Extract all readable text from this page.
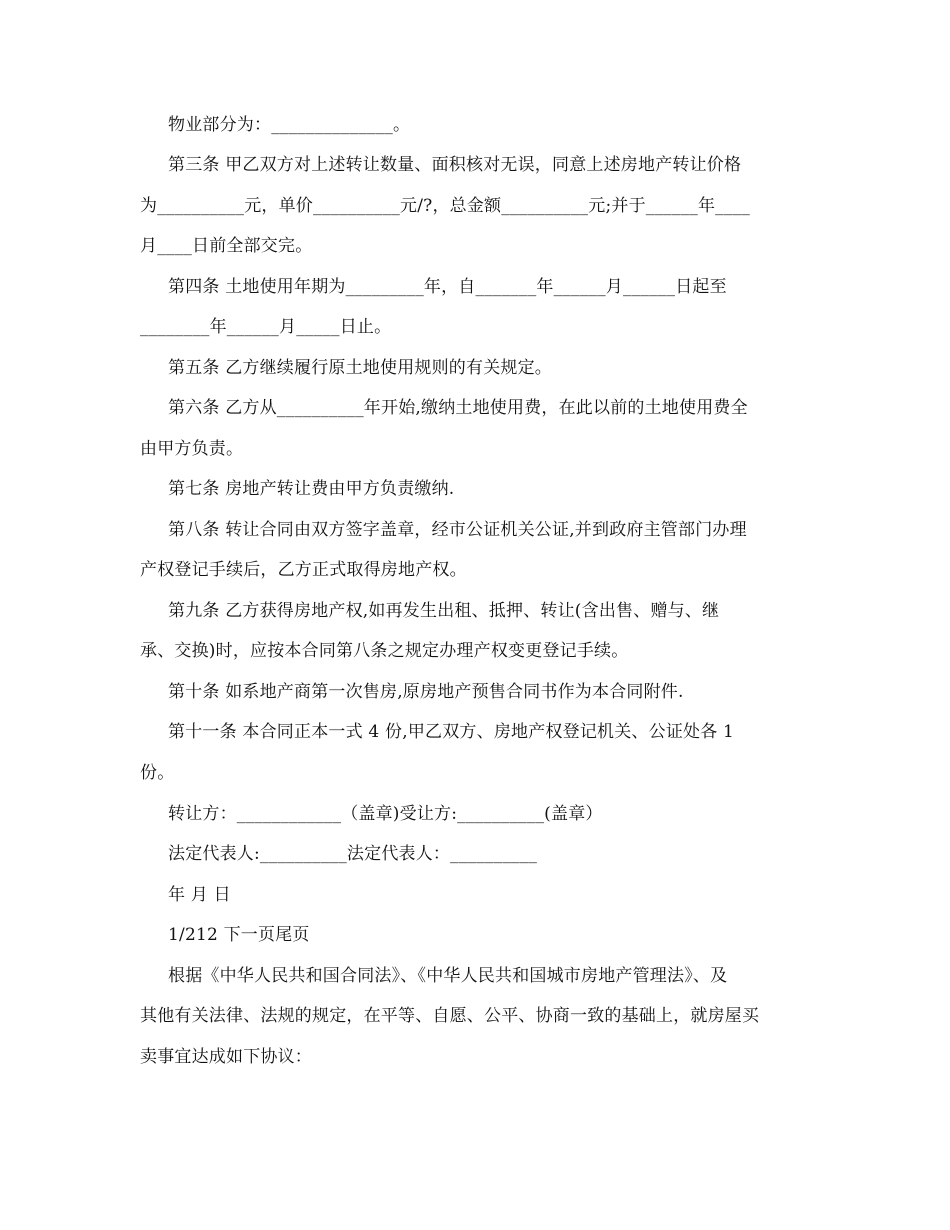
物业部分为：______________。
第三条 甲乙双方对上述转让数量、面积核对无误，同意上述房地产转让价格
为__________元，单价__________元/?，总金额__________元;并于______年____
月____日前全部交完。
第四条 土地使用年期为_________年，自_______年______月______日起至
________年______月_____日止。
第五条 乙方继续履行原土地使用规则的有关规定。
第六条 乙方从__________年开始,缴纳土地使用费，在此以前的土地使用费全
由甲方负责。
第七条 房地产转让费由甲方负责缴纳.
第八条 转让合同由双方签字盖章，经市公证机关公证,并到政府主管部门办理
产权登记手续后，乙方正式取得房地产权。
第九条 乙方获得房地产权,如再发生出租、抵押、转让(含出售、赠与、继
承、交换)时，应按本合同第八条之规定办理产权变更登记手续。
第十条 如系地产商第一次售房,原房地产预售合同书作为本合同附件.
第十一条 本合同正本一式 4 份,甲乙双方、房地产权登记机关、公证处各 1
份。
转让方：____________（盖章)受让方:__________(盖章）
法定代表人:__________法定代表人：__________
年 月 日
1/212 下一页尾页
根据《中华人民共和国合同法》、《中华人民共和国城市房地产管理法》、及
其他有关法律、法规的规定，在平等、自愿、公平、协商一致的基础上，就房屋买
卖事宜达成如下协议：
